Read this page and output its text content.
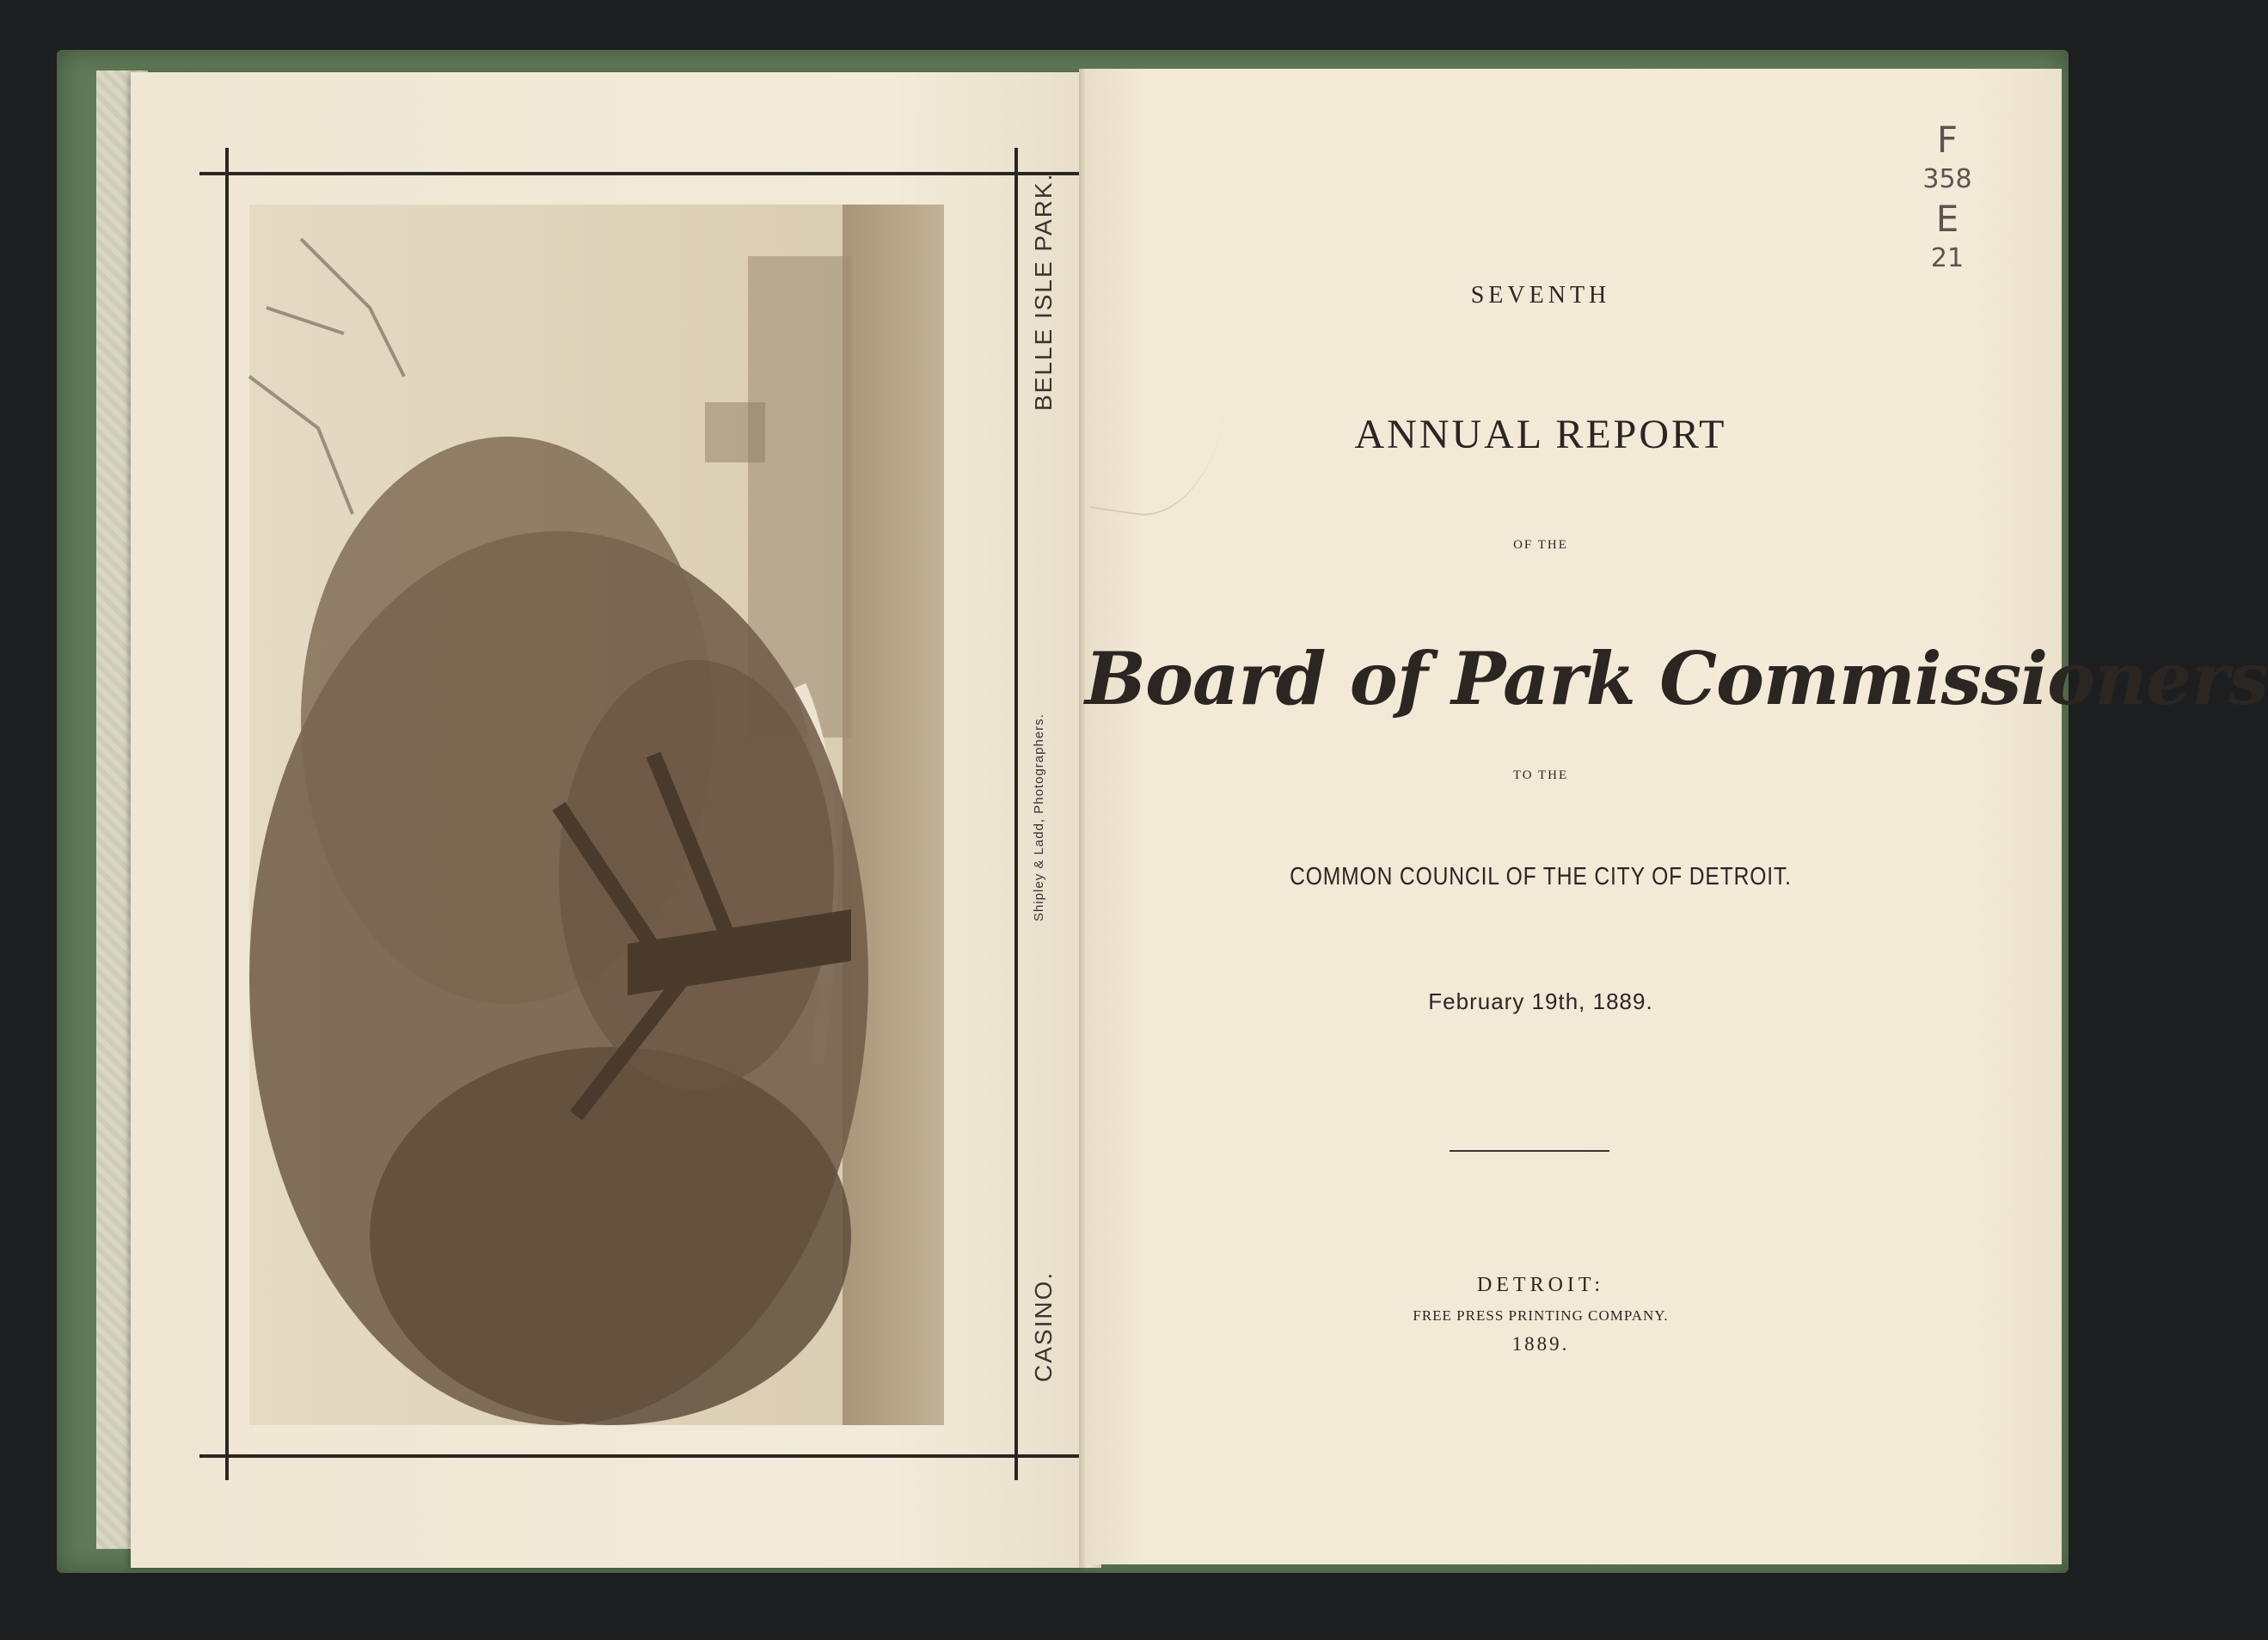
BELLE ISLE PARK.
CASINO.
Shipley & Ladd, Photographers.
SEVENTH
ANNUAL REPORT
OF THE
Board of Park Commissioners
TO THE
COMMON COUNCIL OF THE CITY OF DETROIT.
February 19th, 1889.
DETROIT:
FREE PRESS PRINTING COMPANY.
1889.
F
358
E
21
